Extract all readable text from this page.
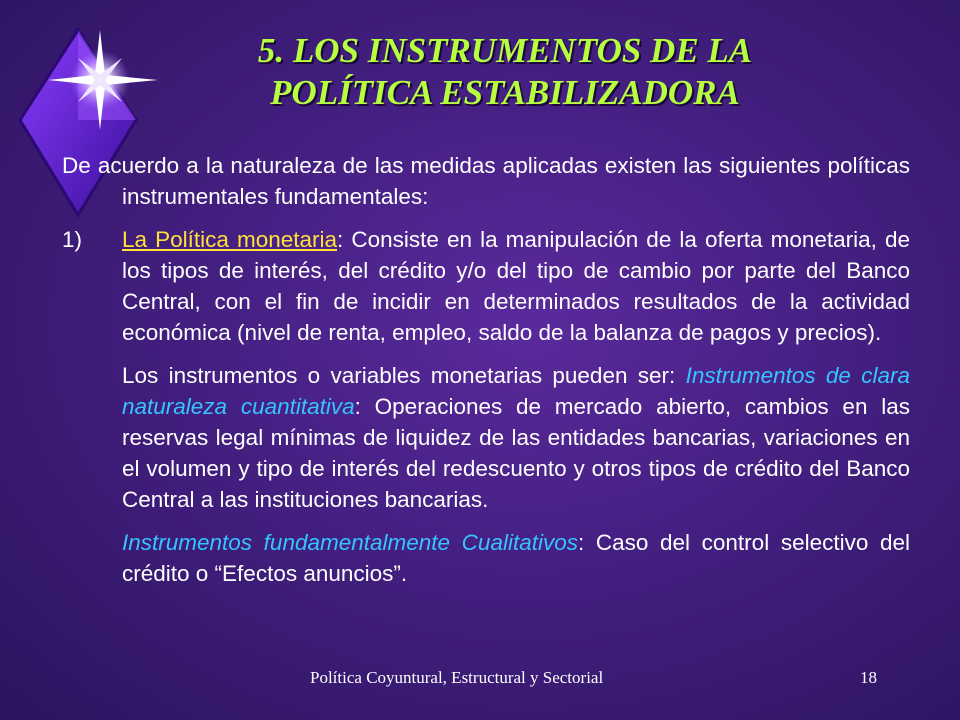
5. LOS INSTRUMENTOS DE LA
POLÍTICA ESTABILIZADORA

De acuerdo a la naturaleza de las medidas aplicadas existen las siguientes políticas instrumentales fundamentales:

1) La Política monetaria: Consiste en la manipulación de la oferta monetaria, de los tipos de interés, del crédito y/o del tipo de cambio por parte del Banco Central, con el fin de incidir en determinados resultados de la actividad económica (nivel de renta, empleo, saldo de la balanza de pagos y precios).

Los instrumentos o variables monetarias pueden ser: Instrumentos de clara naturaleza cuantitativa: Operaciones de mercado abierto, cambios en las reservas legal mínimas de liquidez de las entidades bancarias, variaciones en el volumen y tipo de interés del redescuento y otros tipos de crédito del Banco Central a las instituciones bancarias.

Instrumentos fundamentalmente Cualitativos: Caso del control selectivo del crédito o “Efectos anuncios”.

Política Coyuntural, Estructural y Sectorial	18
